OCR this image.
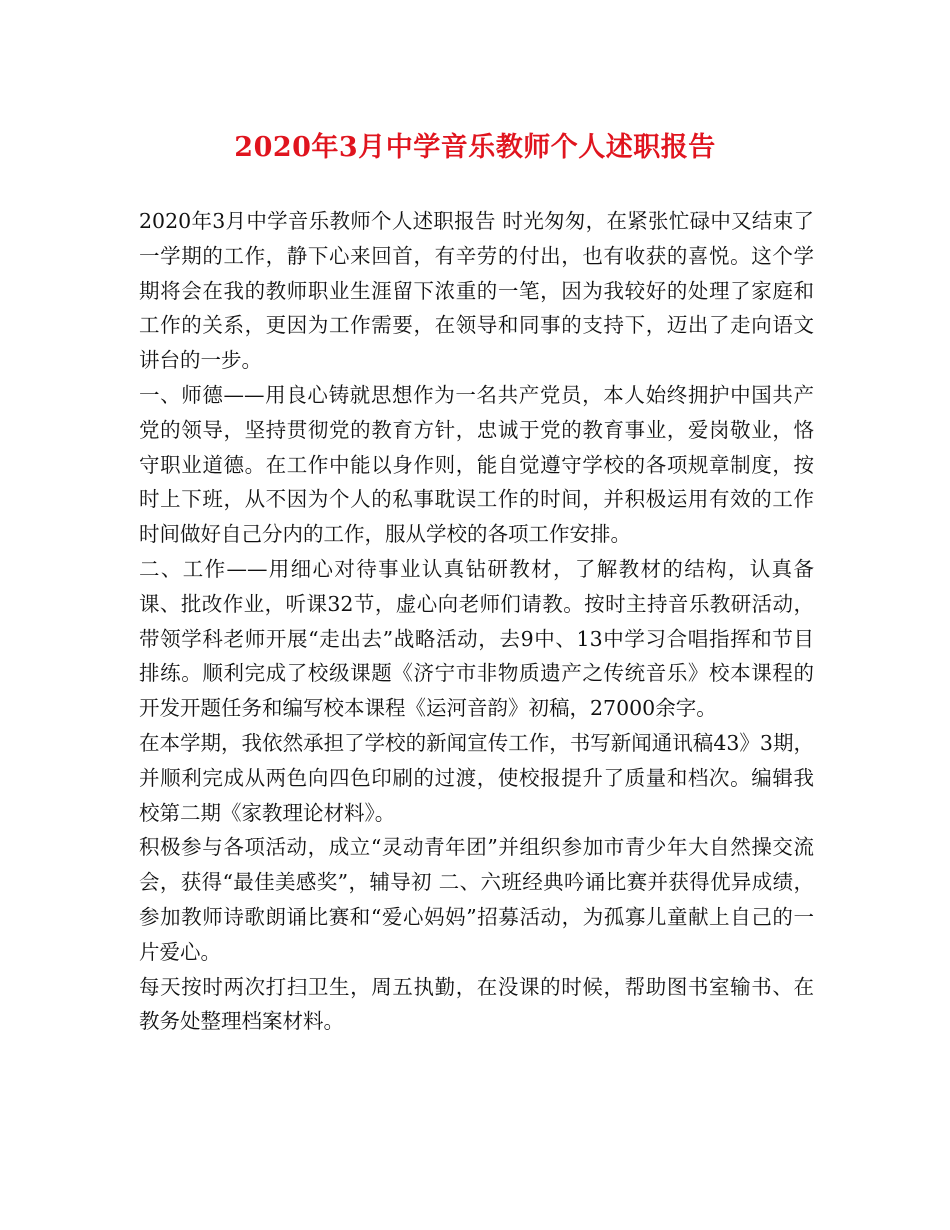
2020年3月中学音乐教师个人述职报告

2020年3月中学音乐教师个人述职报告 时光匆匆，在紧张忙碌中又结束了一学期的工作，静下心来回首，有辛劳的付出，也有收获的喜悦。这个学期将会在我的教师职业生涯留下浓重的一笔，因为我较好的处理了家庭和工作的关系，更因为工作需要，在领导和同事的支持下，迈出了走向语文讲台的一步。

一、师德——用良心铸就思想作为一名共产党员，本人始终拥护中国共产党的领导，坚持贯彻党的教育方针，忠诚于党的教育事业，爱岗敬业，恪守职业道德。在工作中能以身作则，能自觉遵守学校的各项规章制度，按时上下班，从不因为个人的私事耽误工作的时间，并积极运用有效的工作时间做好自己分内的工作，服从学校的各项工作安排。

二、工作——用细心对待事业认真钻研教材，了解教材的结构，认真备课、批改作业，听课32节，虚心向老师们请教。按时主持音乐教研活动，带领学科老师开展“走出去”战略活动，去9中、13中学习合唱指挥和节目排练。顺利完成了校级课题《济宁市非物质遗产之传统音乐》校本课程的开发开题任务和编写校本课程《运河音韵》初稿，27000余字。

在本学期，我依然承担了学校的新闻宣传工作，书写新闻通讯稿43》3期，并顺利完成从两色向四色印刷的过渡，使校报提升了质量和档次。编辑我校第二期《家教理论材料》。

积极参与各项活动，成立“灵动青年团”并组织参加市青少年大自然操交流会，获得“最佳美感奖”，辅导初 二、六班经典吟诵比赛并获得优异成绩，参加教师诗歌朗诵比赛和“爱心妈妈”招募活动，为孤寡儿童献上自己的一片爱心。

每天按时两次打扫卫生，周五执勤，在没课的时候，帮助图书室输书、在教务处整理档案材料。
